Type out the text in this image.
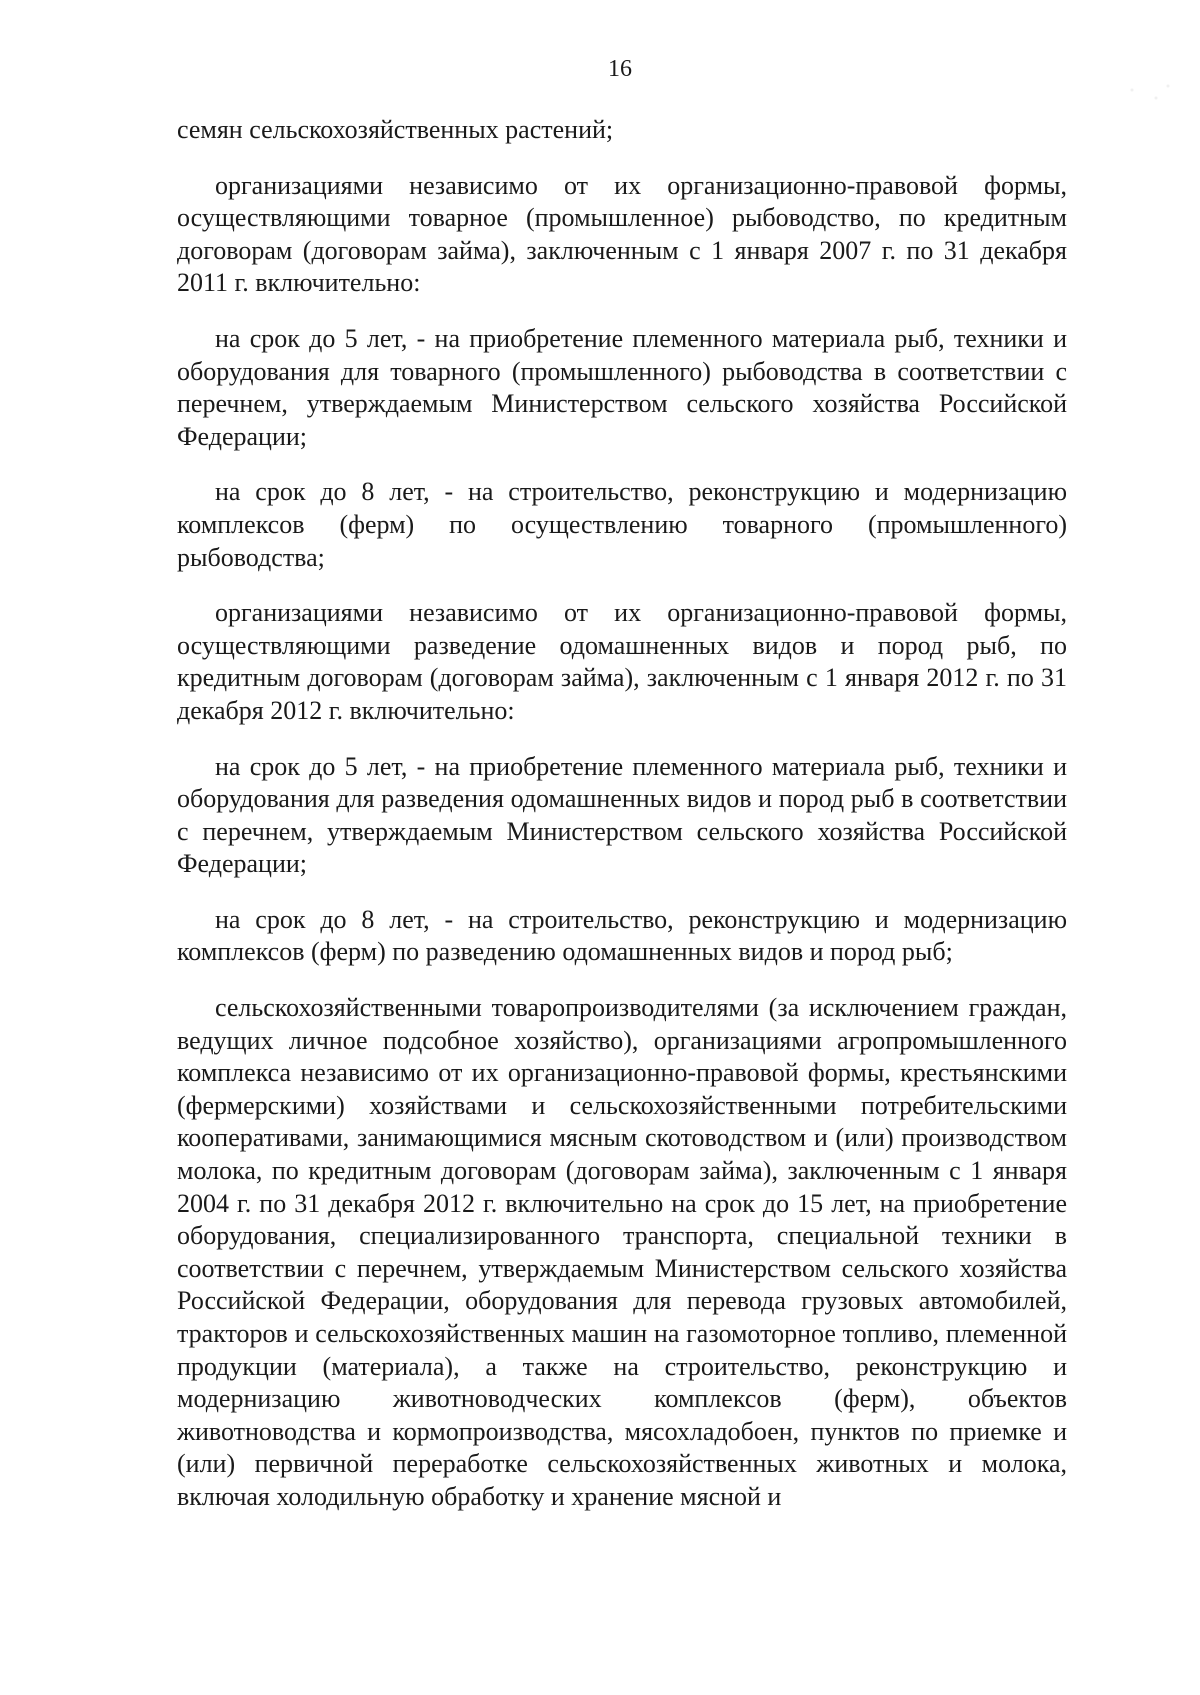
16

семян сельскохозяйственных растений;

организациями независимо от их организационно-правовой формы, осуществляющими товарное (промышленное) рыбоводство, по кредитным договорам (договорам займа), заключенным с 1 января 2007 г. по 31 декабря 2011 г. включительно:

на срок до 5 лет, - на приобретение племенного материала рыб, техники и оборудования для товарного (промышленного) рыбоводства в соответствии с перечнем, утверждаемым Министерством сельского хозяйства Российской Федерации;

на срок до 8 лет, - на строительство, реконструкцию и модернизацию комплексов (ферм) по осуществлению товарного (промышленного) рыбоводства;

организациями независимо от их организационно-правовой формы, осуществляющими разведение одомашненных видов и пород рыб, по кредитным договорам (договорам займа), заключенным с 1 января 2012 г. по 31 декабря 2012 г. включительно:

на срок до 5 лет, - на приобретение племенного материала рыб, техники и оборудования для разведения одомашненных видов и пород рыб в соответствии с перечнем, утверждаемым Министерством сельского хозяйства Российской Федерации;

на срок до 8 лет, - на строительство, реконструкцию и модернизацию комплексов (ферм) по разведению одомашненных видов и пород рыб;

сельскохозяйственными товаропроизводителями (за исключением граждан, ведущих личное подсобное хозяйство), организациями агропромышленного комплекса независимо от их организационно-правовой формы, крестьянскими (фермерскими) хозяйствами и сельскохозяйственными потребительскими кооперативами, занимающимися мясным скотоводством и (или) производством молока, по кредитным договорам (договорам займа), заключенным с 1 января 2004 г. по 31 декабря 2012 г. включительно на срок до 15 лет, на приобретение оборудования, специализированного транспорта, специальной техники в соответствии с перечнем, утверждаемым Министерством сельского хозяйства Российской Федерации, оборудования для перевода грузовых автомобилей, тракторов и сельскохозяйственных машин на газомоторное топливо, племенной продукции (материала), а также на строительство, реконструкцию и модернизацию животноводческих комплексов (ферм), объектов животноводства и кормопроизводства, мясохладобоен, пунктов по приемке и (или) первичной переработке сельскохозяйственных животных и молока, включая холодильную обработку и хранение мясной и
